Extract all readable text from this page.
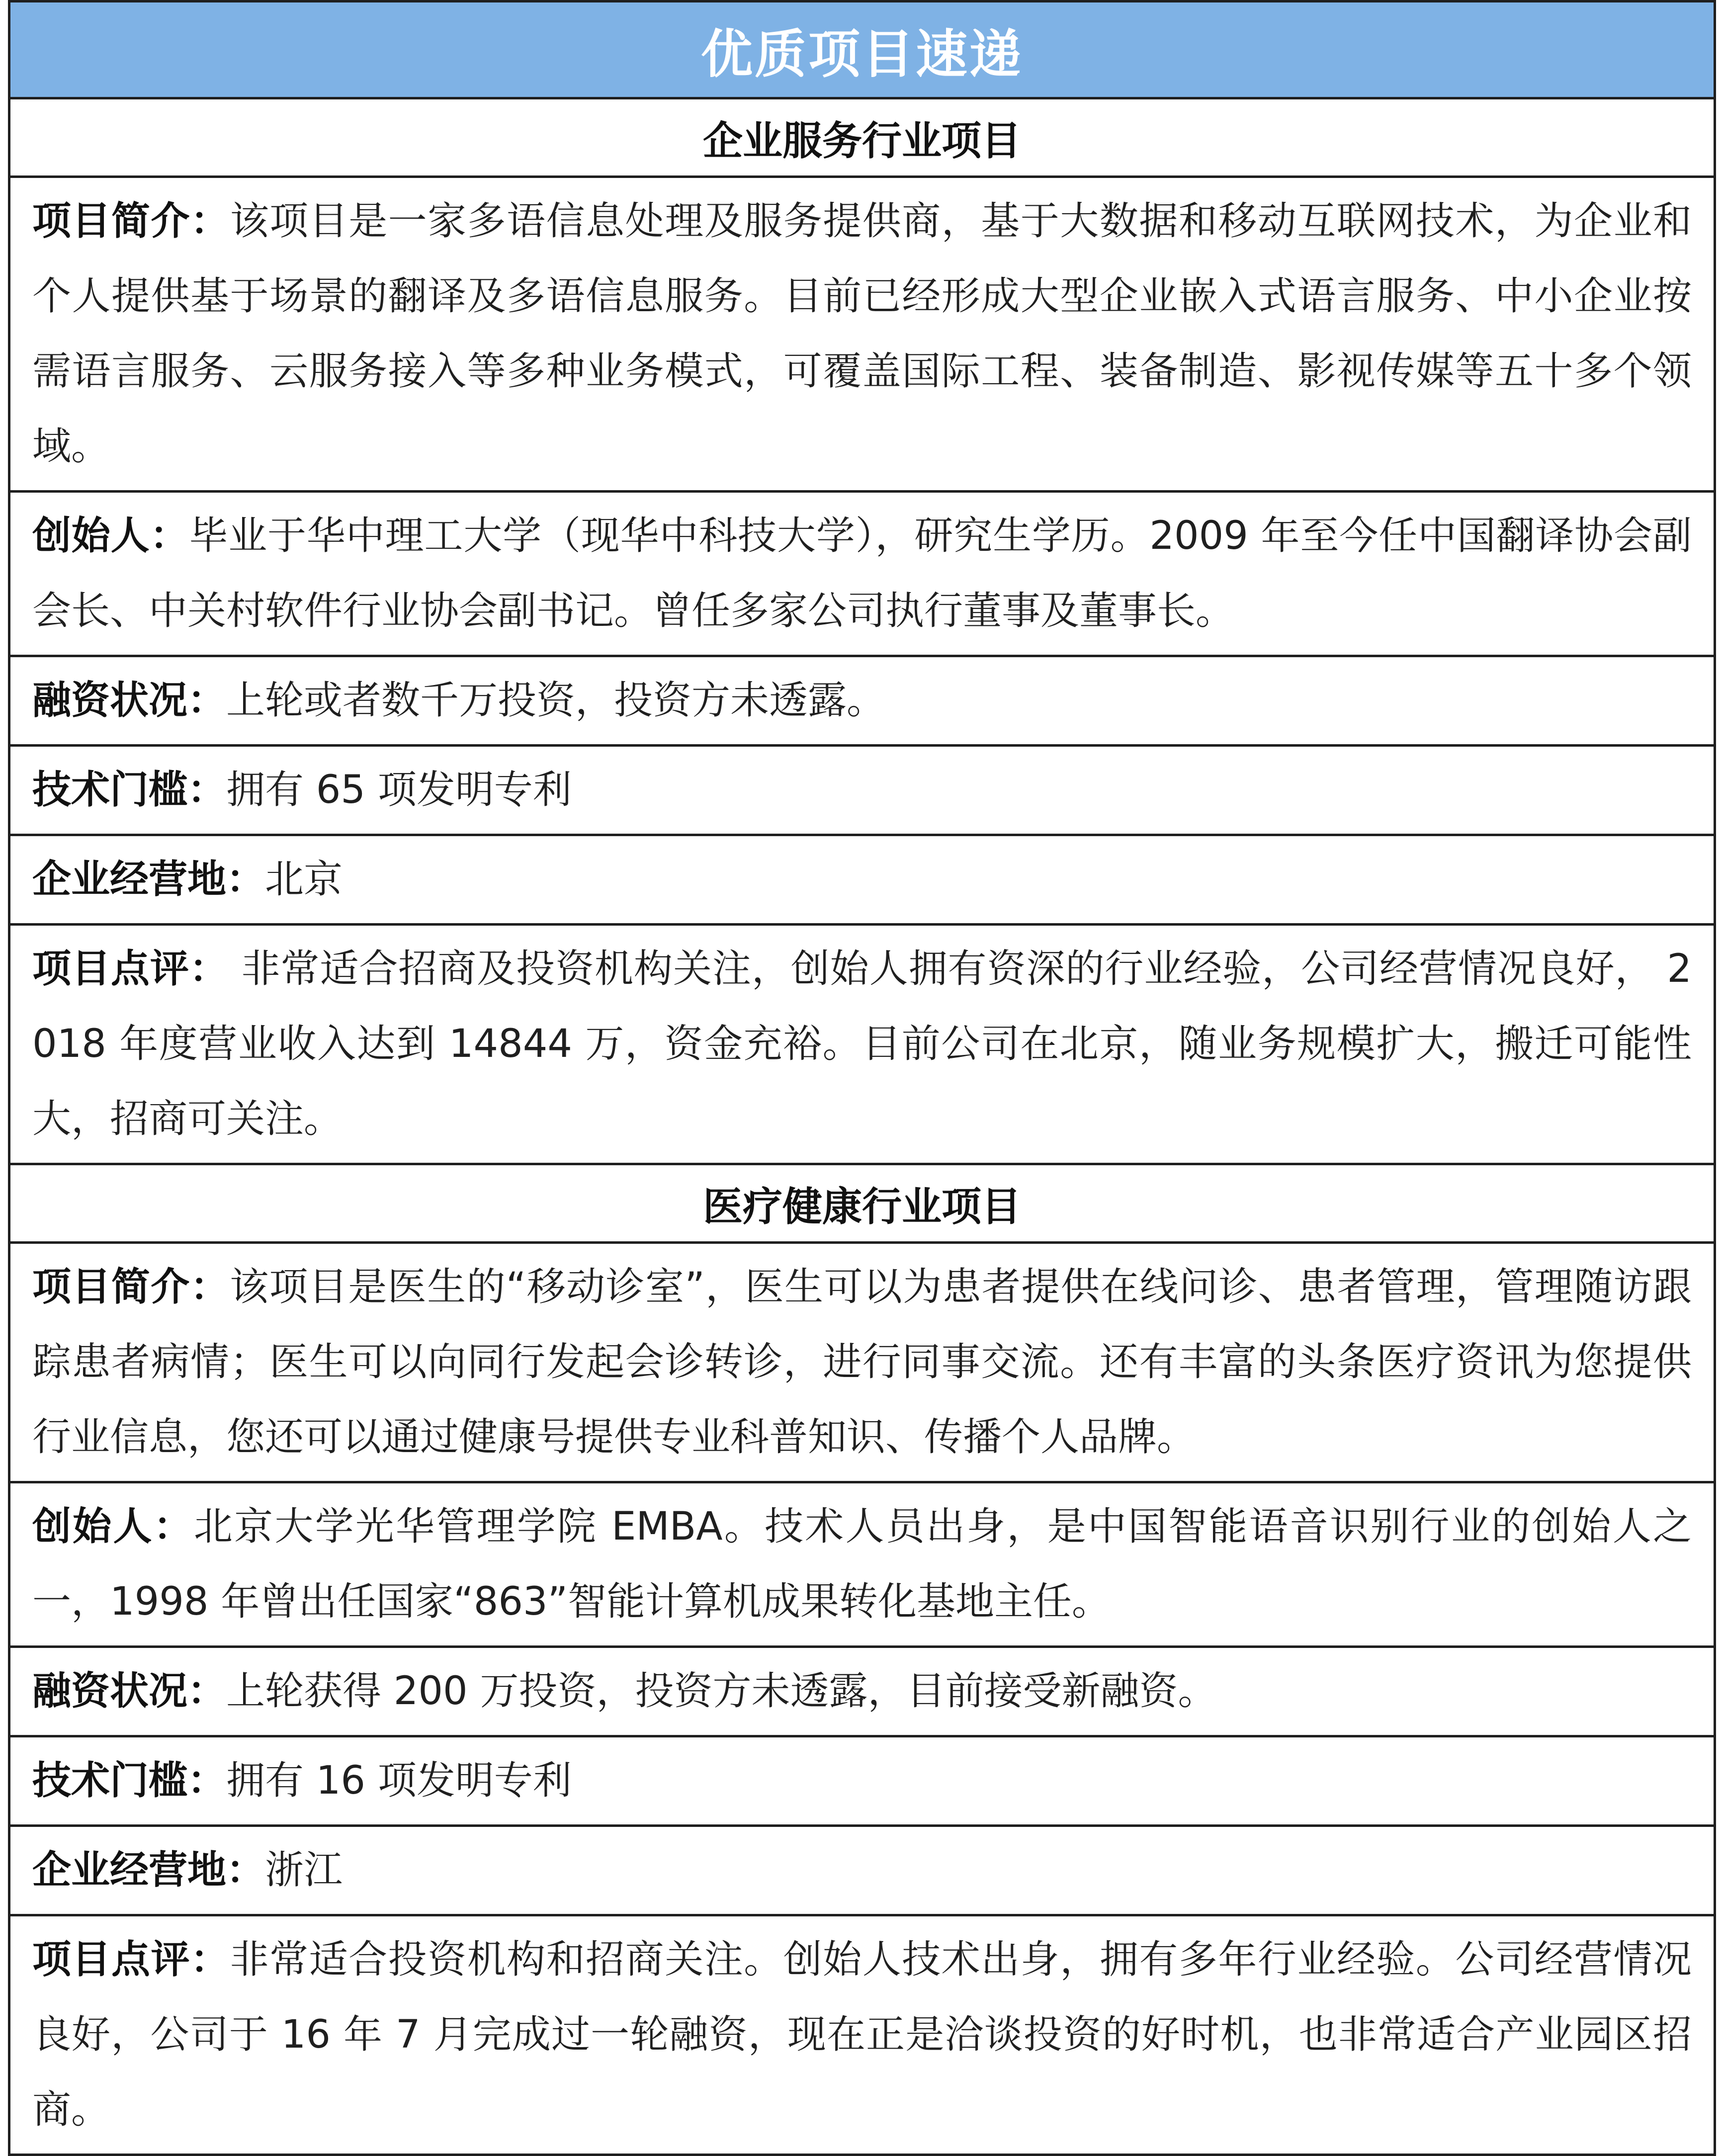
优质项目速递
企业服务行业项目
项目简介：该项目是一家多语信息处理及服务提供商，基于大数据和移动互联网技术，为企业和个人提供基于场景的翻译及多语信息服务。目前已经形成大型企业嵌入式语言服务、中小企业按需语言服务、云服务接入等多种业务模式，可覆盖国际工程、装备制造、影视传媒等五十多个领域。
创始人：毕业于华中理工大学（现华中科技大学），研究生学历。2009 年至今任中国翻译协会副会长、中关村软件行业协会副书记。曾任多家公司执行董事及董事长。
融资状况：上轮或者数千万投资，投资方未透露。
技术门槛：拥有 65 项发明专利
企业经营地：北京
项目点评： 非常适合招商及投资机构关注，创始人拥有资深的行业经验，公司经营情况良好， 2018 年度营业收入达到 14844 万，资金充裕。目前公司在北京，随业务规模扩大，搬迁可能性大，招商可关注。
医疗健康行业项目
项目简介：该项目是医生的“移动诊室”，医生可以为患者提供在线问诊、患者管理，管理随访跟踪患者病情；医生可以向同行发起会诊转诊，进行同事交流。还有丰富的头条医疗资讯为您提供行业信息，您还可以通过健康号提供专业科普知识、传播个人品牌。
创始人：北京大学光华管理学院 EMBA。技术人员出身，是中国智能语音识别行业的创始人之一，1998 年曾出任国家“863”智能计算机成果转化基地主任。
融资状况：上轮获得 200 万投资，投资方未透露，目前接受新融资。
技术门槛：拥有 16 项发明专利
企业经营地：浙江
项目点评：非常适合投资机构和招商关注。创始人技术出身，拥有多年行业经验。公司经营情况良好，公司于 16 年 7 月完成过一轮融资，现在正是洽谈投资的好时机，也非常适合产业园区招商。
